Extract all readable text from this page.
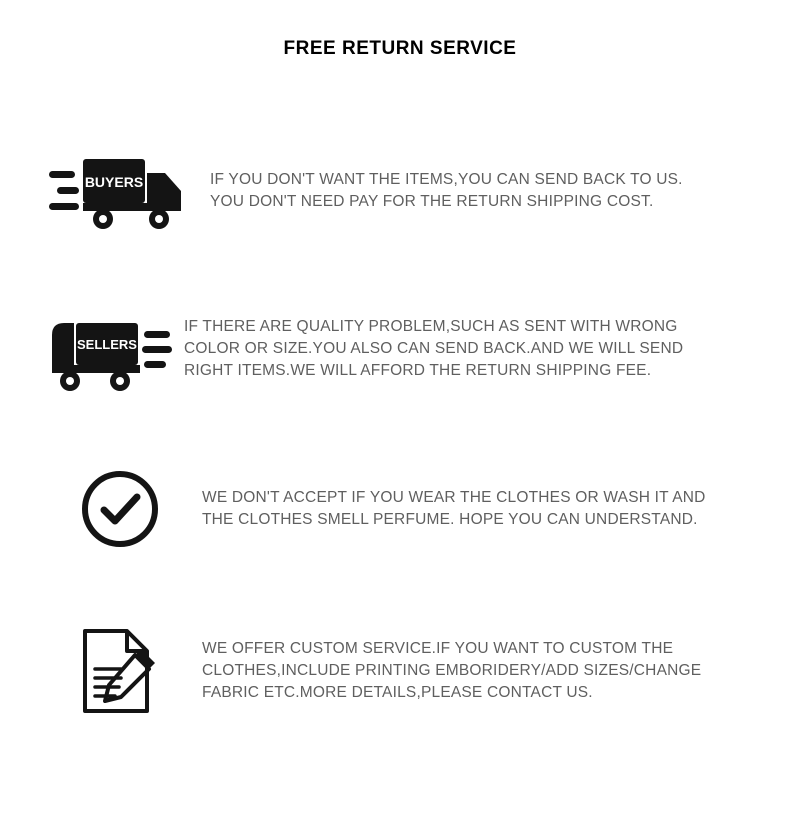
FREE RETURN SERVICE
BUYERS	IF YOU DON'T WANT THE ITEMS,YOU CAN SEND BACK TO US.
YOU DON'T NEED PAY FOR THE RETURN SHIPPING COST.
SELLERS
IF THERE ARE QUALITY PROBLEM,SUCH AS SENT WITH WRONG
COLOR OR SIZE.YOU ALSO CAN SEND BACK.AND WE WILL SEND
RIGHT ITEMS.WE WILL AFFORD THE RETURN SHIPPING FEE.
WE DON'T ACCEPT IF YOU WEAR THE CLOTHES OR WASH IT AND
THE CLOTHES SMELL PERFUME. HOPE YOU CAN UNDERSTAND.
WE OFFER CUSTOM SERVICE.IF YOU WANT TO CUSTOM THE
CLOTHES,INCLUDE PRINTING EMBORIDERY/ADD SIZES/CHANGE
FABRIC ETC.MORE DETAILS,PLEASE CONTACT US.
